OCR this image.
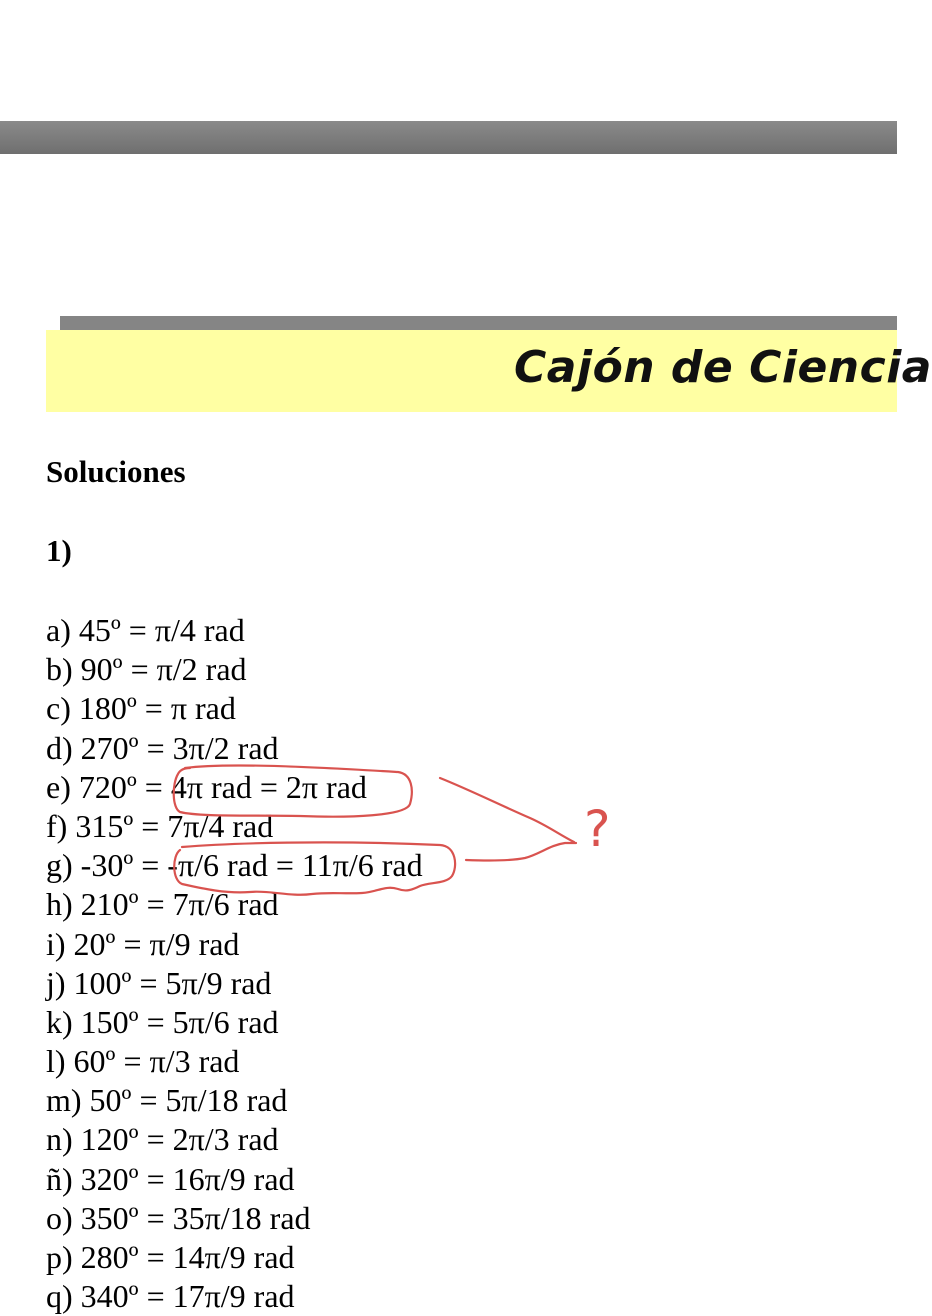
Cajón de Ciencia
Soluciones
1)
a) 45º = π/4 rad
b) 90º = π/2 rad
c) 180º = π rad
d) 270º = 3π/2 rad
e) 720º = 4π rad = 2π rad
f) 315º = 7π/4 rad
g) -30º = -π/6 rad = 11π/6 rad
h) 210º = 7π/6 rad
i) 20º = π/9 rad
j) 100º = 5π/9 rad
k) 150º = 5π/6 rad
l) 60º = π/3 rad
m) 50º = 5π/18 rad
n) 120º = 2π/3 rad
ñ) 320º = 16π/9 rad
o) 350º = 35π/18 rad
p) 280º = 14π/9 rad
q) 340º = 17π/9 rad
?
